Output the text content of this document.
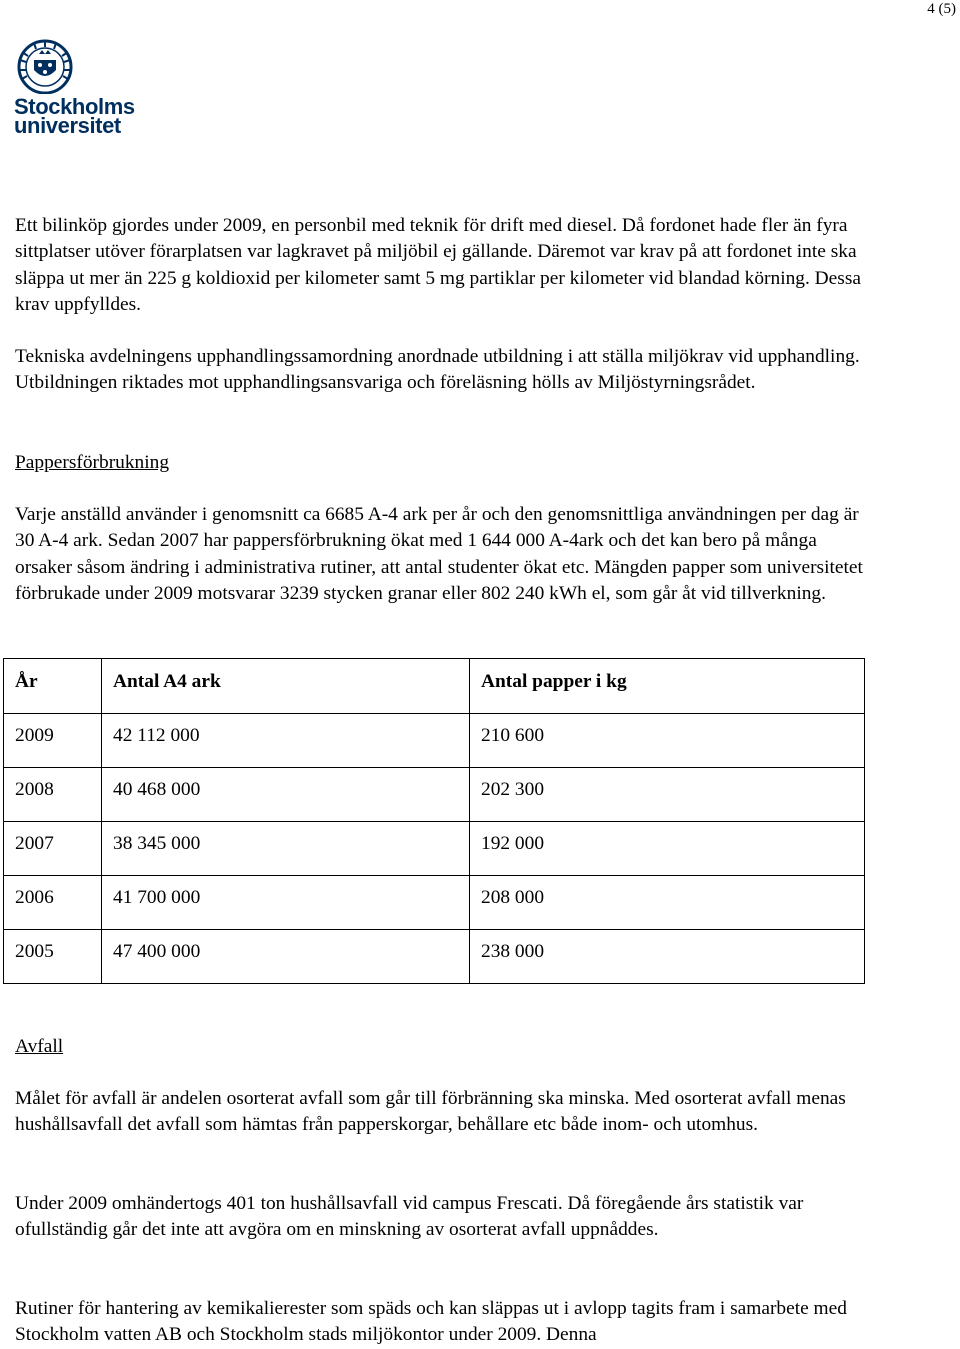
4 (5)
Stockholms
universitet

Ett bilinköp gjordes under 2009, en personbil med teknik för drift med diesel. Då fordonet hade fler än fyra sittplatser utöver förarplatsen var lagkravet på miljöbil ej gällande. Däremot var krav på att fordonet inte ska släppa ut mer än 225 g koldioxid per kilometer samt 5 mg partiklar per kilometer vid blandad körning. Dessa krav uppfylldes.

Tekniska avdelningens upphandlingssamordning anordnade utbildning i att ställa miljökrav vid upphandling. Utbildningen riktades mot upphandlingsansvariga och föreläsning hölls av Miljöstyrningsrådet.

Pappersförbrukning

Varje anställd använder i genomsnitt ca 6685 A-4 ark per år och den genomsnittliga användningen per dag är 30 A-4 ark. Sedan 2007 har pappersförbrukning ökat med 1 644 000 A-4ark och det kan bero på många orsaker såsom ändring i administrativa rutiner, att antal studenter ökat etc. Mängden papper som universitetet förbrukade under 2009 motsvarar 3239 stycken granar eller 802 240 kWh el, som går åt vid tillverkning.

År	Antal A4 ark	Antal papper i kg
2009	42 112 000	210 600
2008	40 468 000	202 300
2007	38 345 000	192 000
2006	41 700 000	208 000
2005	47 400 000	238 000

Avfall

Målet för avfall är andelen osorterat avfall som går till förbränning ska minska. Med osorterat avfall menas hushållsavfall det avfall som hämtas från papperskorgar, behållare etc både inom- och utomhus.

Under 2009 omhändertogs 401 ton hushållsavfall vid campus Frescati. Då föregående års statistik var ofullständig går det inte att avgöra om en minskning av osorterat avfall uppnåddes.

Rutiner för hantering av kemikalierester som späds och kan släppas ut i avlopp tagits fram i samarbete med Stockholm vatten AB och Stockholm stads miljökontor under 2009. Denna
